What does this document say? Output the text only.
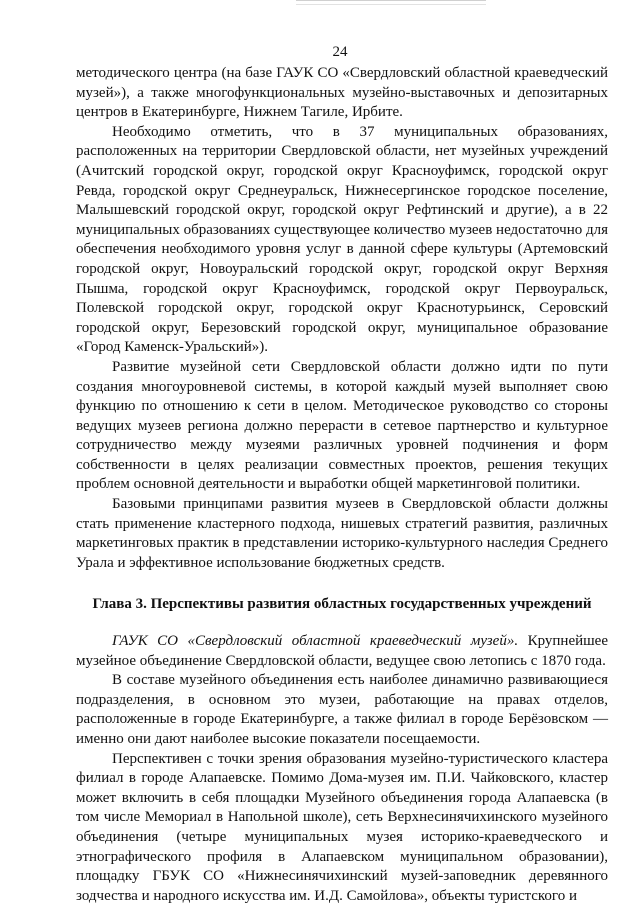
24

методического центра (на базе ГАУК СО «Свердловский областной краеведческий музей»), а также многофункциональных музейно-выставочных и депозитарных центров в Екатеринбурге, Нижнем Тагиле, Ирбите.

Необходимо отметить, что в 37 муниципальных образованиях, расположенных на территории Свердловской области, нет музейных учреждений (Ачитский городской округ, городской округ Красноуфимск, городской округ Ревда, городской округ Среднеуральск, Нижнесергинское городское поселение, Малышевский городской округ, городской округ Рефтинский и другие), а в 22 муниципальных образованиях существующее количество музеев недостаточно для обеспечения необходимого уровня услуг в данной сфере культуры (Артемовский городской округ, Новоуральский городской округ, городской округ Верхняя Пышма, городской округ Красноуфимск, городской округ Первоуральск, Полевской городской округ, городской округ Краснотурьинск, Серовский городской округ, Березовский городской округ, муниципальное образование «Город Каменск-Уральский»).

Развитие музейной сети Свердловской области должно идти по пути создания многоуровневой системы, в которой каждый музей выполняет свою функцию по отношению к сети в целом. Методическое руководство со стороны ведущих музеев региона должно перерасти в сетевое партнерство и культурное сотрудничество между музеями различных уровней подчинения и форм собственности в целях реализации совместных проектов, решения текущих проблем основной деятельности и выработки общей маркетинговой политики.

Базовыми принципами развития музеев в Свердловской области должны стать применение кластерного подхода, нишевых стратегий развития, различных маркетинговых практик в представлении историко-культурного наследия Среднего Урала и эффективное использование бюджетных средств.

Глава 3. Перспективы развития областных государственных учреждений

ГАУК СО «Свердловский областной краеведческий музей». Крупнейшее музейное объединение Свердловской области, ведущее свою летопись с 1870 года.

В составе музейного объединения есть наиболее динамично развивающиеся подразделения, в основном это музеи, работающие на правах отделов, расположенные в городе Екатеринбурге, а также филиал в городе Берёзовском — именно они дают наиболее высокие показатели посещаемости.

Перспективен с точки зрения образования музейно-туристического кластера филиал в городе Алапаевске. Помимо Дома-музея им. П.И. Чайковского, кластер может включить в себя площадки Музейного объединения города Алапаевска (в том числе Мемориал в Напольной школе), сеть Верхнесинячихинского музейного объединения (четыре муниципальных музея историко-краеведческого и этнографического профиля в Алапаевском муниципальном образовании), площадку ГБУК СО «Нижнесинячихинский музей-заповедник деревянного зодчества и народного искусства им. И.Д. Самойлова», объекты туристского и
